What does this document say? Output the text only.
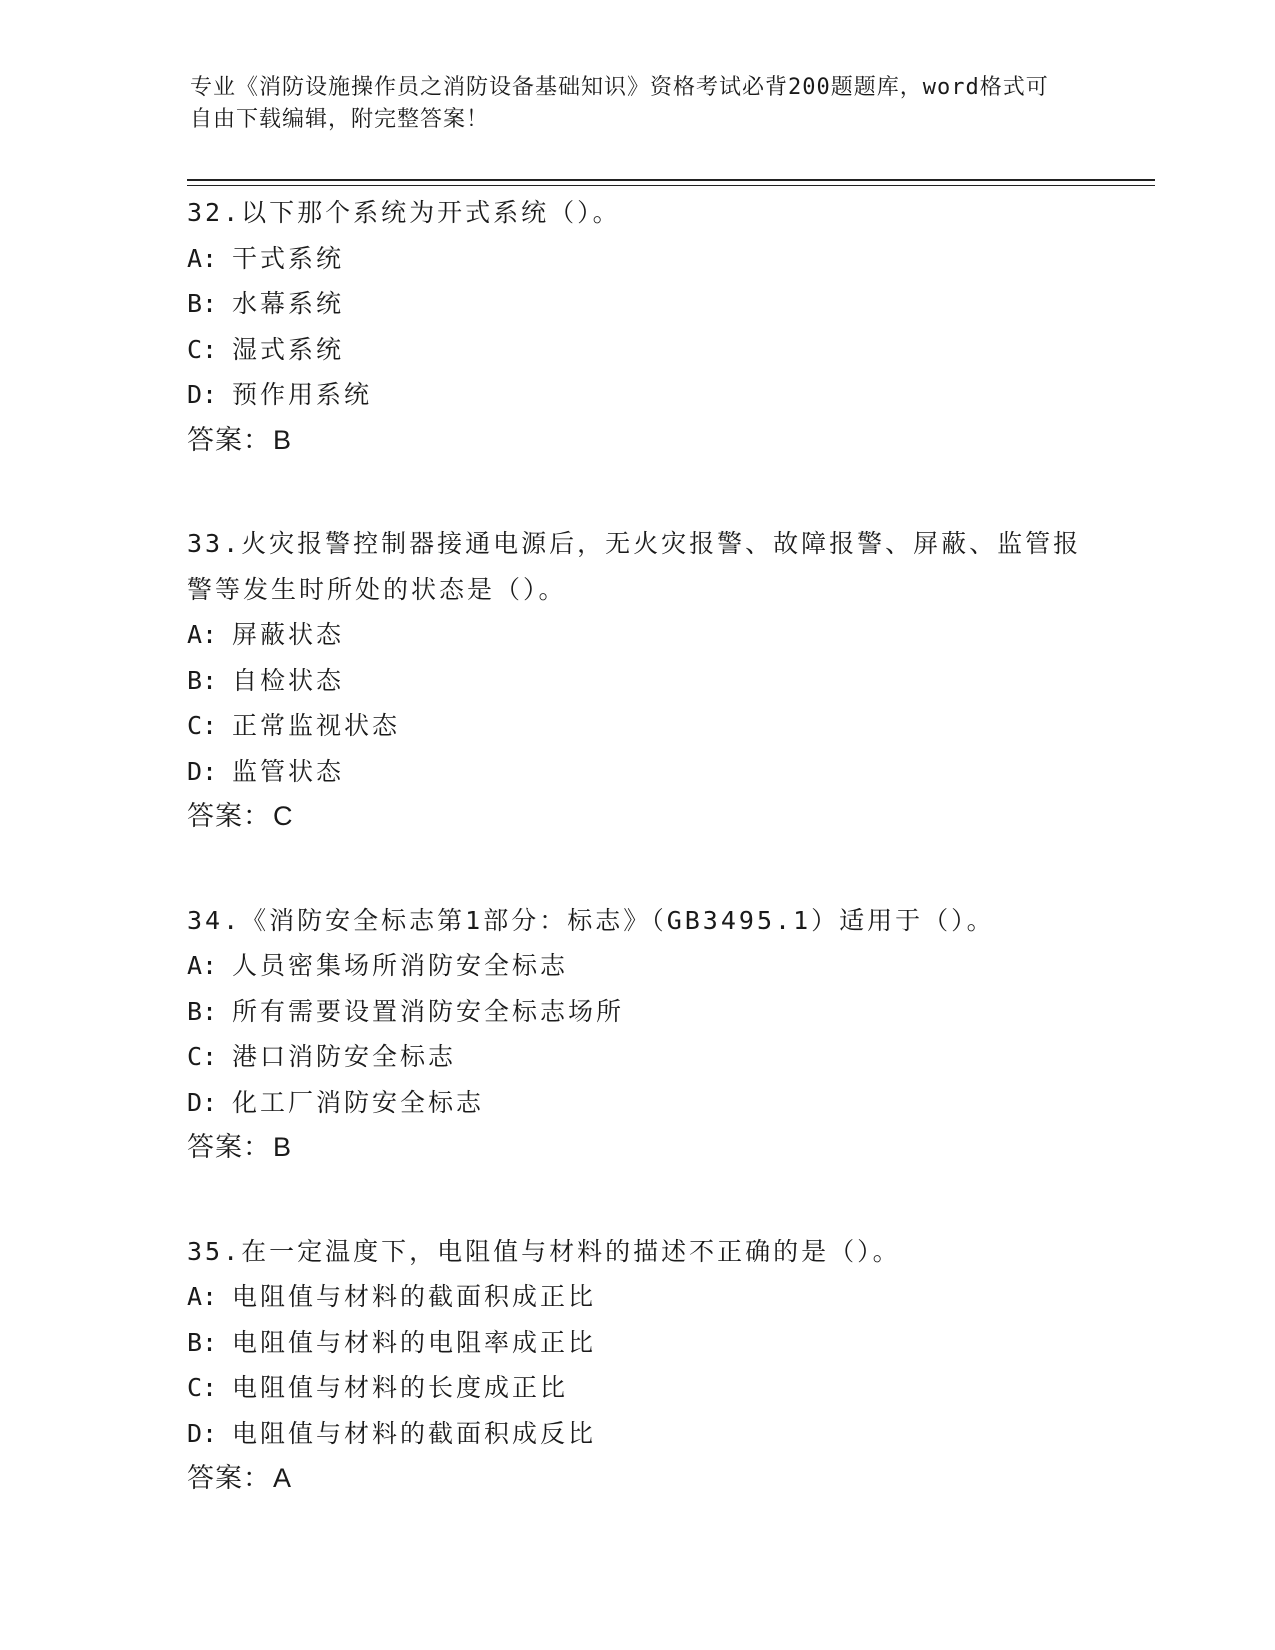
专业《消防设施操作员之消防设备基础知识》资格考试必背200题题库，word格式可自由下载编辑，附完整答案！
32.以下那个系统为开式系统（）。
A: 干式系统
B: 水幕系统
C: 湿式系统
D: 预作用系统
答案：B
33.火灾报警控制器接通电源后，无火灾报警、故障报警、屏蔽、监管报警等发生时所处的状态是（）。
A: 屏蔽状态
B: 自检状态
C: 正常监视状态
D: 监管状态
答案：C
34.《消防安全标志第1部分：标志》（GB3495.1）适用于（）。
A: 人员密集场所消防安全标志
B: 所有需要设置消防安全标志场所
C: 港口消防安全标志
D: 化工厂消防安全标志
答案：B
35.在一定温度下，电阻值与材料的描述不正确的是（）。
A: 电阻值与材料的截面积成正比
B: 电阻值与材料的电阻率成正比
C: 电阻值与材料的长度成正比
D: 电阻值与材料的截面积成反比
答案：A
